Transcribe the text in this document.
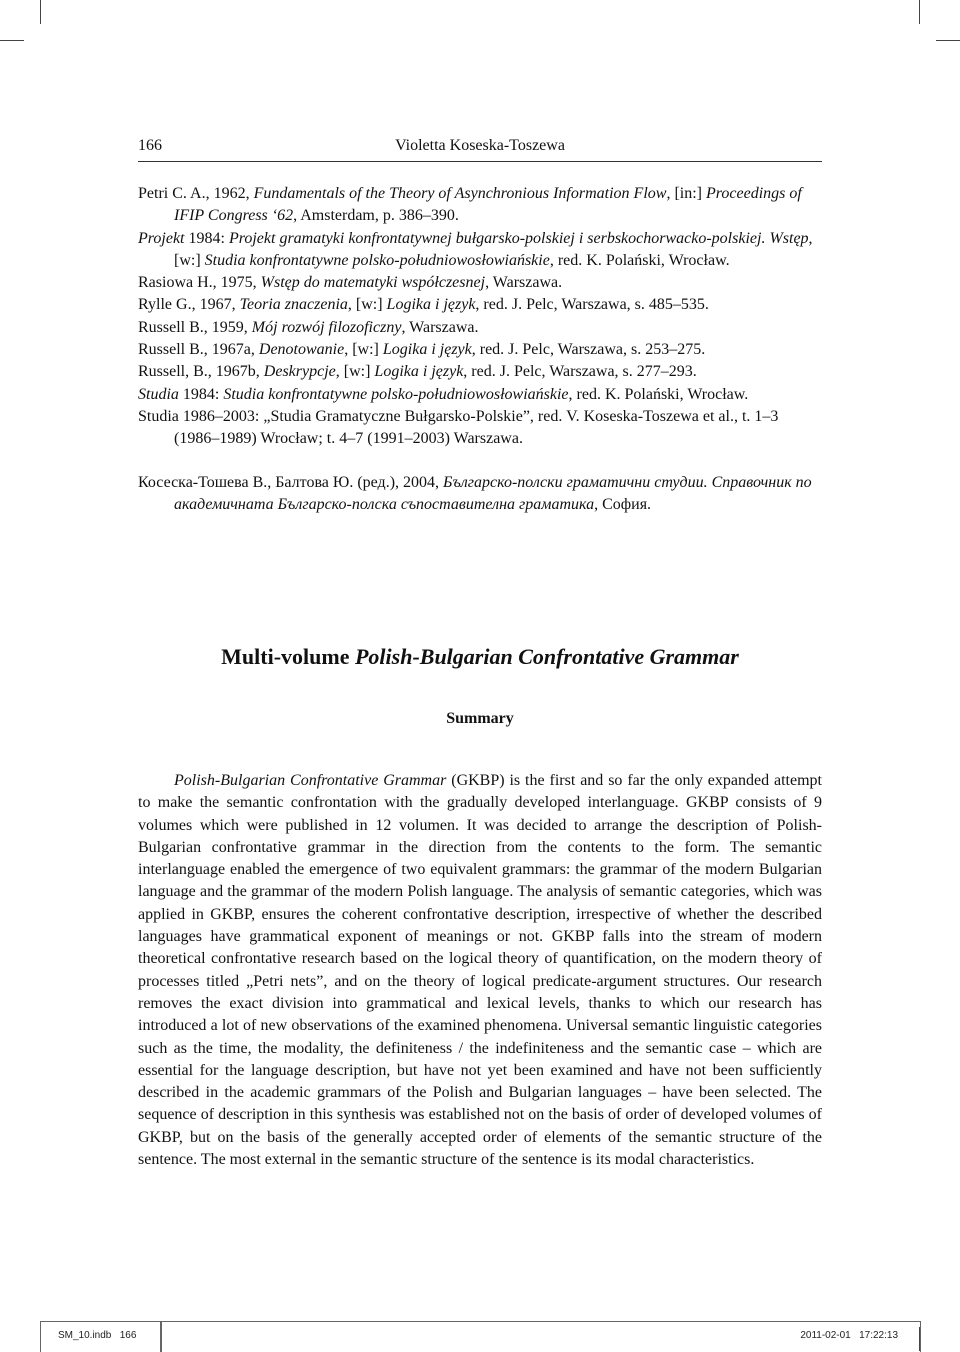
166	Violetta Koseska-Toszewa

Petri C. A., 1962, Fundamentals of the Theory of Asynchronious Information Flow, [in:] Proceedings of IFIP Congress ‘62, Amsterdam, p. 386–390.

Projekt 1984: Projekt gramatyki konfrontatywnej bułgarsko-polskiej i serbskochorwacko-polskiej. Wstęp, [w:] Studia konfrontatywne polsko-południowosłowiańskie, red. K. Polański, Wrocław.

Rasiowa H., 1975, Wstęp do matematyki współczesnej, Warszawa.

Rylle G., 1967, Teoria znaczenia, [w:] Logika i język, red. J. Pelc, Warszawa, s. 485–535.

Russell B., 1959, Mój rozwój filozoficzny, Warszawa.

Russell B., 1967a, Denotowanie, [w:] Logika i język, red. J. Pelc, Warszawa, s. 253–275.

Russell, B., 1967b, Deskrypcje, [w:] Logika i język, red. J. Pelc, Warszawa, s. 277–293.

Studia 1984: Studia konfrontatywne polsko-południowosłowiańskie, red. K. Polański, Wrocław.

Studia 1986–2003: „Studia Gramatyczne Bułgarsko-Polskie”, red. V. Koseska-Toszewa et al., t. 1–3 (1986–1989) Wrocław; t. 4–7 (1991–2003) Warszawa.

Косеска-Тошева В., Балтова Ю. (ред.), 2004, Българско-полски граматични студии. Справочник по академичната Българско-полска съпоставителна граматика, София.

Multi-volume Polish-Bulgarian Confrontative Grammar
Summary

Polish-Bulgarian Confrontative Grammar (GKBP) is the first and so far the only expanded attempt to make the semantic confrontation with the gradually developed interlanguage. GKBP consists of 9 volumes which were published in 12 volumen. It was decided to arrange the description of Polish-Bulgarian confrontative grammar in the direction from the contents to the form. The semantic interlanguage enabled the emergence of two equivalent grammars: the grammar of the modern Bulgarian language and the grammar of the modern Polish language. The analysis of semantic categories, which was applied in GKBP, ensures the coherent confrontative description, irrespective of whether the described languages have grammatical exponent of meanings or not. GKBP falls into the stream of modern theoretical confrontative research based on the logical theory of quantification, on the modern theory of processes titled „Petri nets”, and on the theory of logical predicate-argument structures. Our research removes the exact division into grammatical and lexical levels, thanks to which our research has introduced a lot of new observations of the examined phenomena. Universal semantic linguistic categories such as the time, the modality, the definiteness / the indefiniteness and the semantic case – which are essential for the language description, but have not yet been examined and have not been sufficiently described in the academic grammars of the Polish and Bulgarian languages – have been selected. The sequence of description in this synthesis was established not on the basis of order of developed volumes of GKBP, but on the basis of the generally accepted order of elements of the semantic structure of the sentence. The most external in the semantic structure of the sentence is its modal characteristics.

SM_10.indb   166	2011-02-01   17:22:13
